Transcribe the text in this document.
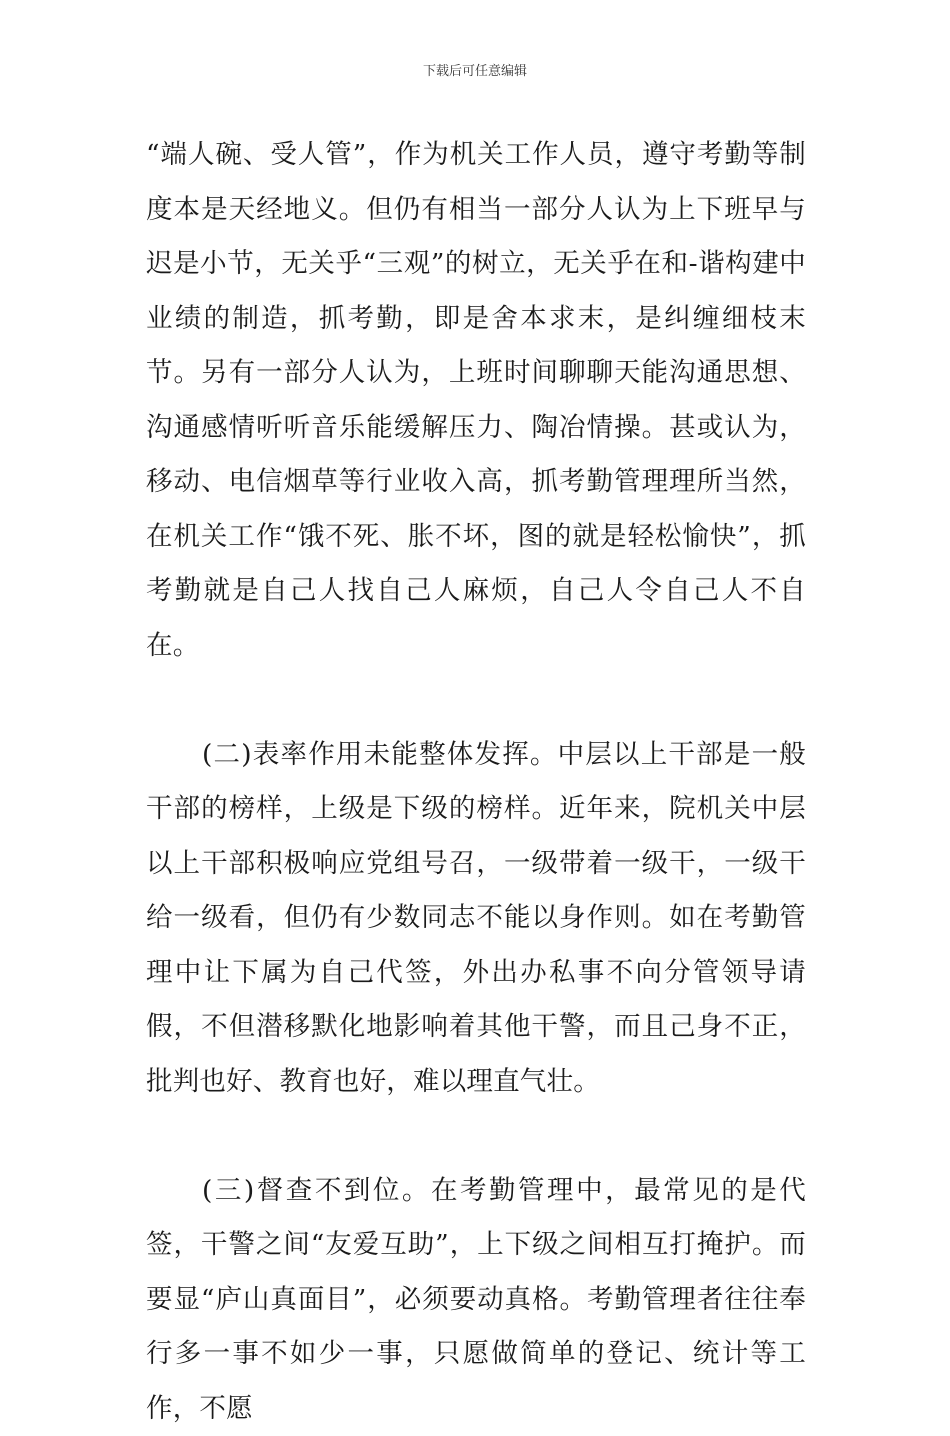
下载后可任意编辑

“端人碗、受人管”，作为机关工作人员，遵守考勤等制度本是天经地义。但仍有相当一部分人认为上下班早与迟是小节，无关乎“三观”的树立，无关乎在和-谐构建中业绩的制造，抓考勤，即是舍本求末，是纠缠细枝末节。另有一部分人认为，上班时间聊聊天能沟通思想、沟通感情听听音乐能缓解压力、陶冶情操。甚或认为，移动、电信烟草等行业收入高，抓考勤管理理所当然，在机关工作“饿不死、胀不坏，图的就是轻松愉快”，抓考勤就是自己人找自己人麻烦，自己人令自己人不自在。

(二)表率作用未能整体发挥。中层以上干部是一般干部的榜样，上级是下级的榜样。近年来，院机关中层以上干部积极响应党组号召，一级带着一级干，一级干给一级看，但仍有少数同志不能以身作则。如在考勤管理中让下属为自己代签，外出办私事不向分管领导请假，不但潜移默化地影响着其他干警，而且己身不正，批判也好、教育也好，难以理直气壮。

(三)督查不到位。在考勤管理中，最常见的是代签，干警之间“友爱互助”，上下级之间相互打掩护。而要显“庐山真面目”，必须要动真格。考勤管理者往往奉行多一事不如少一事，只愿做简单的登记、统计等工作，不愿
